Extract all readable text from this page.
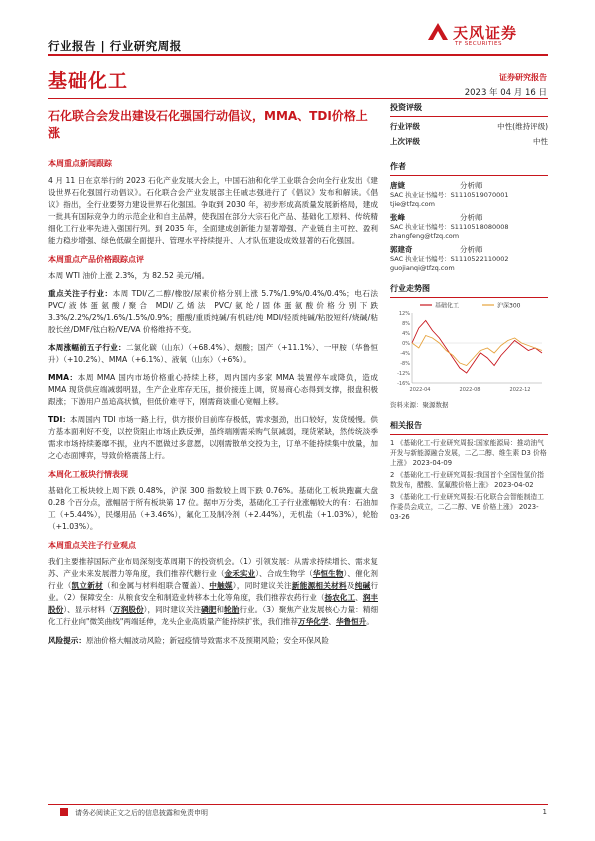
行业报告 | 行业研究周报
天风证券
TF SECURITIES
基础化工	证券研究报告
2023 年 04 月 16 日
石化联合会发出建设石化强国行动倡议，MMA、TDI价格上涨
本周重点新闻跟踪
4 月 11 日在京举行的 2023 石化产业发展大会上，中国石油和化学工业联合会向全行业发出《建设世界石化强国行动倡议》。石化联合会产业发展部主任戚志强进行了《倡议》发布和解读。《倡议》指出，全行业要努力建设世界石化强国。争取到 2030 年，初步形成高质量发展新格局，建成一批具有国际竞争力的示范企业和自主品牌，使我国在部分大宗石化产品、基础化工原料、传统精细化工行业率先进入强国行列。到 2035 年，全面建成创新能力显著增强、产业链自主可控、盈利能力稳步增强、绿色低碳全面提升、管理水平持续提升、人才队伍建设成效显著的石化强国。
本周重点产品价格跟踪点评
本周 WTI 油价上涨 2.3%，为 82.52 美元/桶。
重点关注子行业：本周 TDI/乙二醇/橡胶/尿素价格分别上涨 5.7%/1.9%/0.4%/0.4%；电石法 PVC/液体蛋氨酸/聚合 MDI/乙烯法 PVC/氨纶/固体蛋氨酸价格分别下跌 3.3%/2.2%/2%/1.6%/1.5%/0.9%；醋酸/重质纯碱/有机硅/纯 MDI/轻质纯碱/粘胶短纤/烧碱/粘胶长丝/DMF/钛白粉/VE/VA 价格维持不变。
本周涨幅前五子行业：二氯化碳（山东）（+68.4%）、烟酸；国产（+11.1%）、一甲胺（华鲁恒升）（+10.2%）、MMA（+6.1%）、液氧（山东）（+6%）。
MMA：本周 MMA 国内市场价格重心持续上移，周内国内多家 MMA 装置停车或降负，造成 MMA 现货供应端减弱明显，生产企业库存无压，报价接连上调，贸易商心态得到支撑，报盘积极跟涨；下游用户虽追高状慎，但低价难寻下，刚需商谈重心宽幅上移。
TDI：本周国内 TDI 市场一路上行，供方报价目前库存极低，需求强劲，出口较好，发货缓慢。供方基本面利好不变，以控货阻止市场止跌反弹，虽终端刚需采购气氛减弱，现货紧缺，然传统淡季需求市场持续萎靡不振，业内不愿做过多意愿，以刚需散单交投为主，订单不能持续集中放量，加之心态面博弈，导致价格震荡上行。
本周化工板块行情表现
基础化工板块较上周下跌 0.48%，沪深 300 指数较上周下跌 0.76%。基础化工板块跑赢大盘 0.28 个百分点，涨幅居于所有板块第 17 位。据申万分类，基础化工子行业涨幅较大的有：石油加工（+5.44%），民爆用品（+3.46%），氟化工及制冷剂（+2.44%），无机盐（+1.03%），轮胎（+1.03%）。
本周重点关注子行业观点
我们主要推荐国际产业布局深刻变革周期下的投资机会。（1）引领发展：从需求持续增长、需求复苏、产业未来发展潜力等角度，我们推荐代糖行业（金禾实业）、合成生物学（华恒生物）、催化剂行业（凯立新材（和金属与材料组联合覆盖）、中触媒），同时建议关注新能源相关材料及纯碱行业。（2）保障安全：从粮食安全和制造业转移本土化等角度，我们推荐农药行业（扬农化工、润丰股份）、显示材料（万润股份），同时建议关注磷肥和轮胎行业。（3）聚焦产业发展核心力量：精细化工行业向"微笑曲线"两端延伸，龙头企业高质量产能持续扩张，我们推荐万华化学、华鲁恒升。
风险提示：原油价格大幅波动风险；新冠疫情导致需求不及预期风险；安全环保风险
投资评级
行业评级	中性(维持评级)
上次评级	中性
作者
唐婕	分析师
SAC 执业证书编号：S1110519070001
tjie@tfzq.com
张峰	分析师
SAC 执业证书编号：S1110518080008
zhangfeng@tfzq.com
郭建奇	分析师
SAC 执业证书编号：S1110522110002
guojianqi@tfzq.com
行业走势图
基础化工	沪深300
12%
8%
4%
0%
-4%
-8%
-12%
-16%
2022-04	2022-08	2022-12
资料来源：聚源数据
相关报告
1 《基础化工-行业研究周报:国家能源局：推动油气开发与新能源融合发展，二乙二醇、维生素 D3 价格上涨》 2023-04-09
2 《基础化工-行业研究周报:我国首个全国性氢价指数发布，醋酸、氢氟酸价格上涨》 2023-04-02
3 《基础化工-行业研究周报:石化联合会智能制造工作委员会成立，二乙二醇、VE 价格上涨》 2023-03-26
请务必阅读正文之后的信息披露和免责申明	1
